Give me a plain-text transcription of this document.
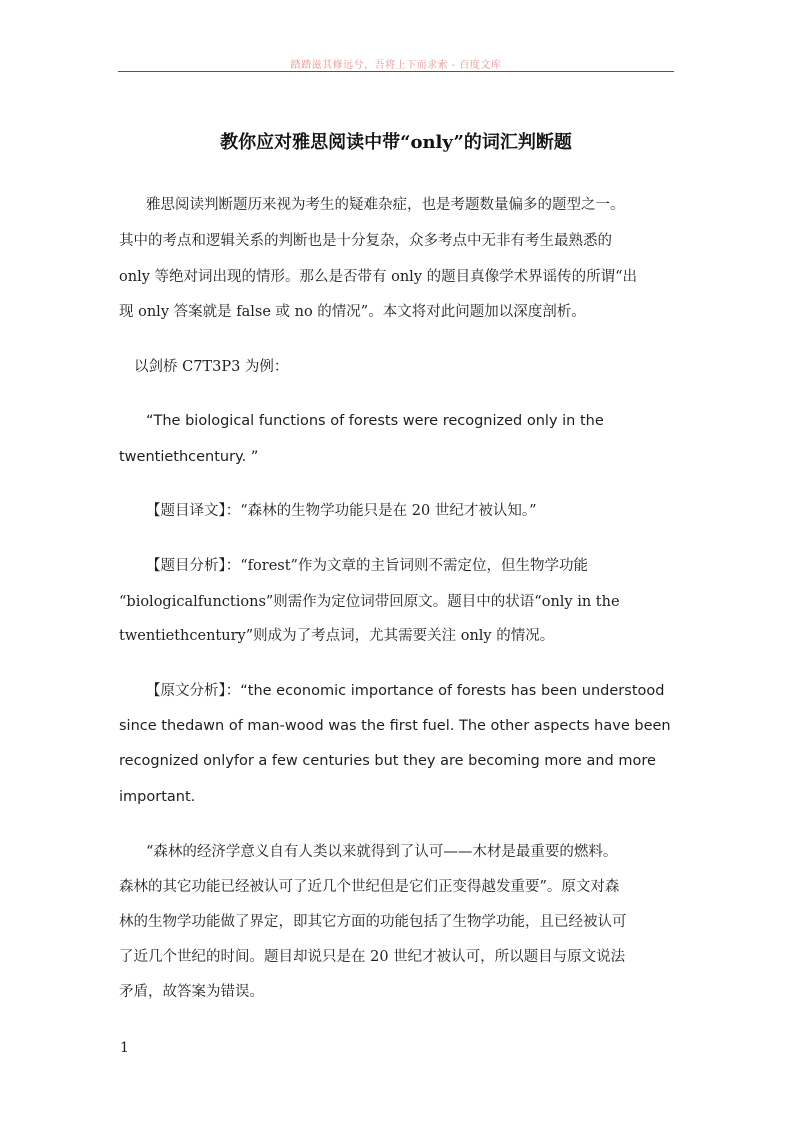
踏踏滋其修远兮，吾将上下而求索 - 百度文库
教你应对雅思阅读中带“only”的词汇判断题
雅思阅读判断题历来视为考生的疑难杂症，也是考题数量偏多的题型之一。
其中的考点和逻辑关系的判断也是十分复杂，众多考点中无非有考生最熟悉的
only 等绝对词出现的情形。那么是否带有 only 的题目真像学术界谣传的所谓“出
现 only 答案就是 false 或 no 的情况”。本文将对此问题加以深度剖析。
以剑桥 C7T3P3 为例：
“The biological functions of forests were recognized only in the
twentiethcentury. ”
【题目译文】：“森林的生物学功能只是在 20 世纪才被认知。”
【题目分析】：“forest”作为文章的主旨词则不需定位，但生物学功能
“biologicalfunctions”则需作为定位词带回原文。题目中的状语“only in the
twentiethcentury”则成为了考点词，尤其需要关注 only 的情况。
【原文分析】：“the economic importance of forests has been understood
since thedawn of man-wood was the first fuel. The other aspects have been
recognized onlyfor a few centuries but they are becoming more and more
important.
“森林的经济学意义自有人类以来就得到了认可——木材是最重要的燃料。
森林的其它功能已经被认可了近几个世纪但是它们正变得越发重要”。原文对森
林的生物学功能做了界定，即其它方面的功能包括了生物学功能，且已经被认可
了近几个世纪的时间。题目却说只是在 20 世纪才被认可，所以题目与原文说法
矛盾，故答案为错误。
1
